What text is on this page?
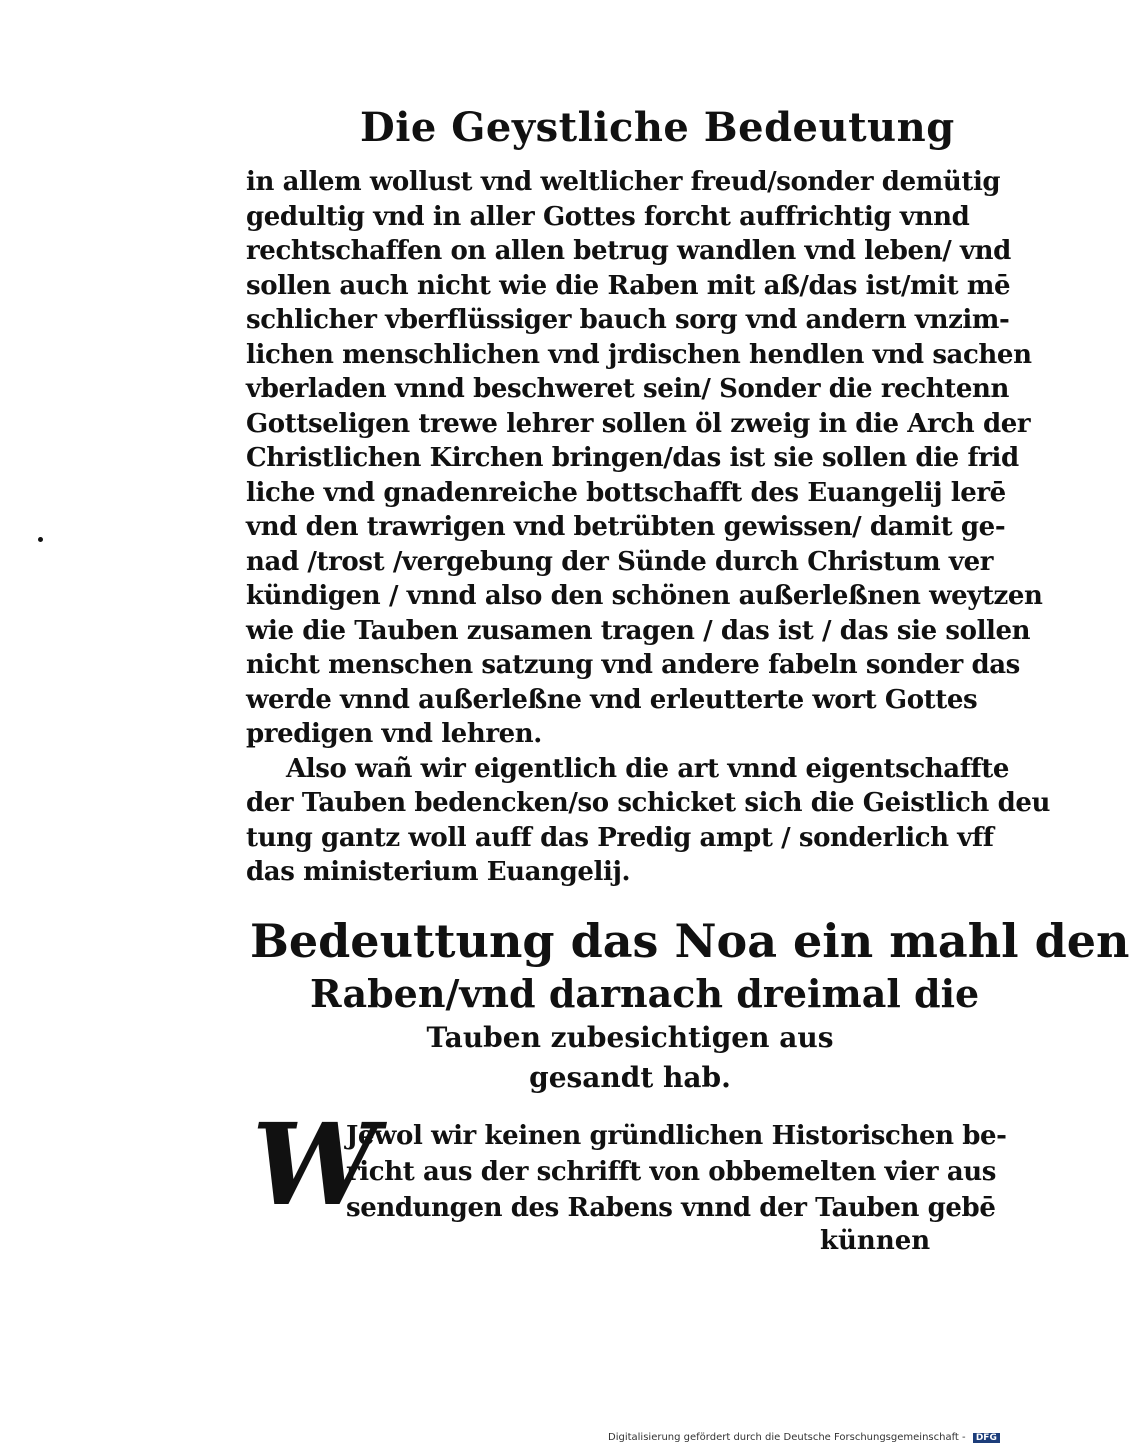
Die Geystliche Bedeutung
in allem wollust vnd weltlicher freud/sonder demütig
gedultig vnd in aller Gottes forcht auffrichtig vnnd
rechtschaffen on allen betrug wandlen vnd leben/ vnd
sollen auch nicht wie die Raben mit aß/das ist/mit mē
schlicher vberflüssiger bauch sorg vnd andern vnzim-
lichen menschlichen vnd jrdischen hendlen vnd sachen
vberladen vnnd beschweret sein/ Sonder die rechtenn
Gottseligen trewe lehrer sollen öl zweig in die Arch der
Christlichen Kirchen bringen/das ist sie sollen die frid
liche vnd gnadenreiche bottschafft des Euangelij lerē
vnd den trawrigen vnd betrübten gewissen/ damit ge-
nad /trost /vergebung der Sünde durch Christum ver
kündigen / vnnd also den schönen außerleßnen weytzen
wie die Tauben zusamen tragen / das ist / das sie sollen
nicht menschen satzung vnd andere fabeln sonder das
werde vnnd außerleßne vnd erleutterte wort Gottes
predigen vnd lehren.
Also wañ wir eigentlich die art vnnd eigentschaffte
der Tauben bedencken/so schicket sich die Geistlich deu
tung gantz woll auff das Predig ampt / sonderlich vff
das ministerium Euangelij.
Bedeuttung das Noa ein mahl den
Raben/vnd darnach dreimal die
Tauben zubesichtigen aus
gesandt hab.
W
Jewol wir keinen gründlichen Historischen be-
richt aus der schrifft von obbemelten vier aus
sendungen des Rabens vnnd der Tauben gebē
künnen
Digitalisierung gefördert durch die Deutsche Forschungsgemeinschaft - DFG
